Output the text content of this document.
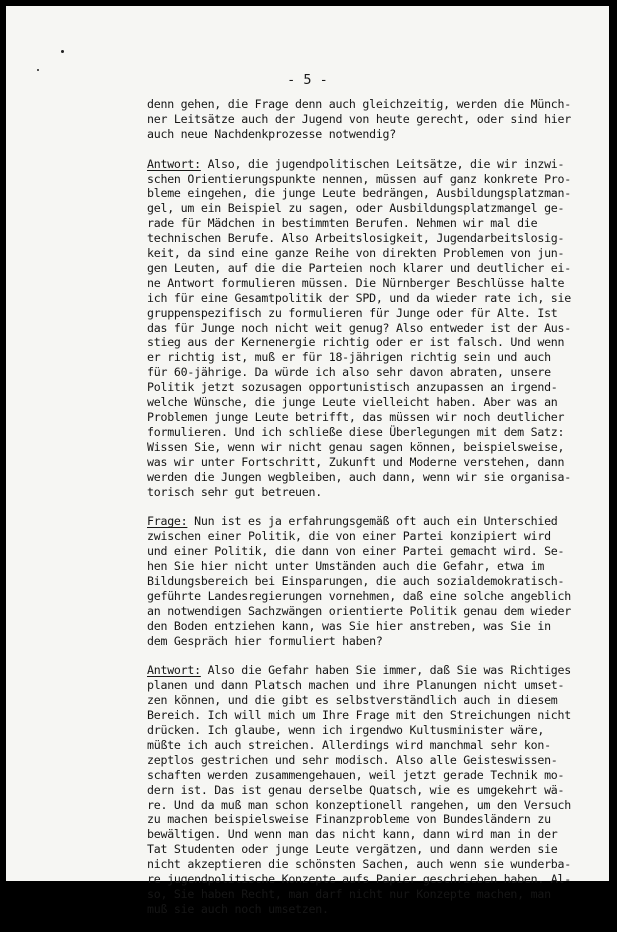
- 5 -
denn gehen, die Frage denn auch gleichzeitig, werden die Münch-
ner Leitsätze auch der Jugend von heute gerecht, oder sind hier
auch neue Nachdenkprozesse notwendig?
Antwort: Also, die jugendpolitischen Leitsätze, die wir inzwi-
schen Orientierungspunkte nennen, müssen auf ganz konkrete Pro-
bleme eingehen, die junge Leute bedrängen, Ausbildungsplatzman-
gel, um ein Beispiel zu sagen, oder Ausbildungsplatzmangel ge-
rade für Mädchen in bestimmten Berufen. Nehmen wir mal die
technischen Berufe. Also Arbeitslosigkeit, Jugendarbeitslosig-
keit, da sind eine ganze Reihe von direkten Problemen von jun-
gen Leuten, auf die die Parteien noch klarer und deutlicher ei-
ne Antwort formulieren müssen. Die Nürnberger Beschlüsse halte
ich für eine Gesamtpolitik der SPD, und da wieder rate ich, sie
gruppenspezifisch zu formulieren für Junge oder für Alte. Ist
das für Junge noch nicht weit genug? Also entweder ist der Aus-
stieg aus der Kernenergie richtig oder er ist falsch. Und wenn
er richtig ist, muß er für 18-jährigen richtig sein und auch
für 60-jährige. Da würde ich also sehr davon abraten, unsere
Politik jetzt sozusagen opportunistisch anzupassen an irgend-
welche Wünsche, die junge Leute vielleicht haben. Aber was an
Problemen junge Leute betrifft, das müssen wir noch deutlicher
formulieren. Und ich schließe diese Überlegungen mit dem Satz:
Wissen Sie, wenn wir nicht genau sagen können, beispielsweise,
was wir unter Fortschritt, Zukunft und Moderne verstehen, dann
werden die Jungen wegbleiben, auch dann, wenn wir sie organisa-
torisch sehr gut betreuen.
Frage: Nun ist es ja erfahrungsgemäß oft auch ein Unterschied
zwischen einer Politik, die von einer Partei konzipiert wird
und einer Politik, die dann von einer Partei gemacht wird. Se-
hen Sie hier nicht unter Umständen auch die Gefahr, etwa im
Bildungsbereich bei Einsparungen, die auch sozialdemokratisch-
geführte Landesregierungen vornehmen, daß eine solche angeblich
an notwendigen Sachzwängen orientierte Politik genau dem wieder
den Boden entziehen kann, was Sie hier anstreben, was Sie in
dem Gespräch hier formuliert haben?
Antwort: Also die Gefahr haben Sie immer, daß Sie was Richtiges
planen und dann Platsch machen und ihre Planungen nicht umset-
zen können, und die gibt es selbstverständlich auch in diesem
Bereich. Ich will mich um Ihre Frage mit den Streichungen nicht
drücken. Ich glaube, wenn ich irgendwo Kultusminister wäre,
müßte ich auch streichen. Allerdings wird manchmal sehr kon-
zeptlos gestrichen und sehr modisch. Also alle Geisteswissen-
schaften werden zusammengehauen, weil jetzt gerade Technik mo-
dern ist. Das ist genau derselbe Quatsch, wie es umgekehrt wä-
re. Und da muß man schon konzeptionell rangehen, um den Versuch
zu machen beispielsweise Finanzprobleme von Bundesländern zu
bewältigen. Und wenn man das nicht kann, dann wird man in der
Tat Studenten oder junge Leute vergätzen, und dann werden sie
nicht akzeptieren die schönsten Sachen, auch wenn sie wunderba-
re jugendpolitische Konzepte aufs Papier geschrieben haben. Al-
so, Sie haben Recht, man darf nicht nur Konzepte machen, man
muß sie auch noch umsetzen.
